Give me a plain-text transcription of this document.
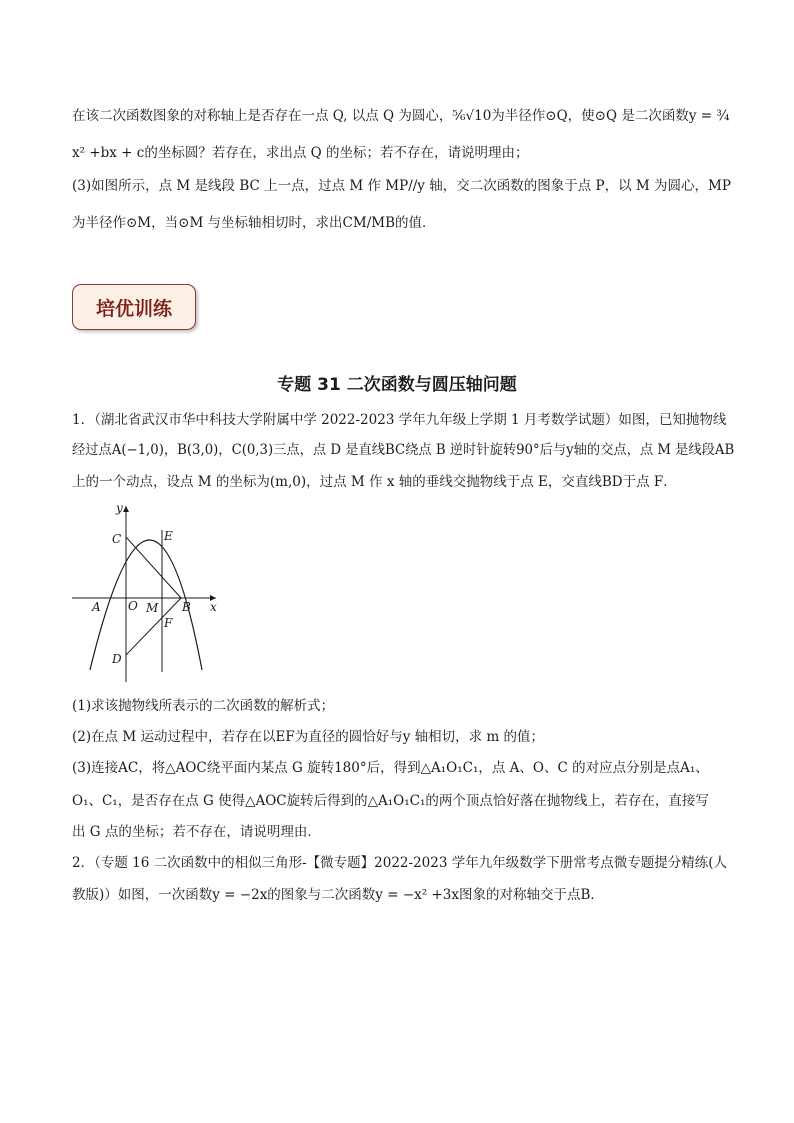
在该二次函数图象的对称轴上是否存在一点 Q, 以点 Q 为圆心，⁵⁄₆√10为半径作⊙Q，使⊙Q 是二次函数y = ¾
x² +bx + c的坐标圆？若存在，求出点 Q 的坐标；若不存在，请说明理由；
(3)如图所示，点 M 是线段 BC 上一点，过点 M 作 MP//y 轴，交二次函数的图象于点 P，以 M 为圆心，MP
为半径作⊙M，当⊙M 与坐标轴相切时，求出CM/MB的值．
培优训练
专题 31 二次函数与圆压轴问题
1．（湖北省武汉市华中科技大学附属中学 2022-2023 学年九年级上学期 1 月考数学试题）如图，已知抛物线
经过点A(−1,0)，B(3,0)，C(0,3)三点，点 D 是直线BC绕点 B 逆时针旋转90°后与y轴的交点，点 M 是线段AB
上的一个动点，设点 M 的坐标为(m,0)，过点 M 作 x 轴的垂线交抛物线于点 E，交直线BD于点 F．
y
x
C	E
A O M B
F
D
(1)求该抛物线所表示的二次函数的解析式；
(2)在点 M 运动过程中，若存在以EF为直径的圆恰好与y 轴相切，求 m 的值；
(3)连接AC，将△AOC绕平面内某点 G 旋转180°后，得到△A₁O₁C₁，点 A、O、C 的对应点分别是点A₁、
O₁、C₁，是否存在点 G 使得△AOC旋转后得到的△A₁O₁C₁的两个顶点恰好落在抛物线上，若存在，直接写
出 G 点的坐标；若不存在，请说明理由．
2．（专题 16 二次函数中的相似三角形-【微专题】2022-2023 学年九年级数学下册常考点微专题提分精练(人
教版)）如图，一次函数y = −2x的图象与二次函数y = −x² +3x图象的对称轴交于点B．
